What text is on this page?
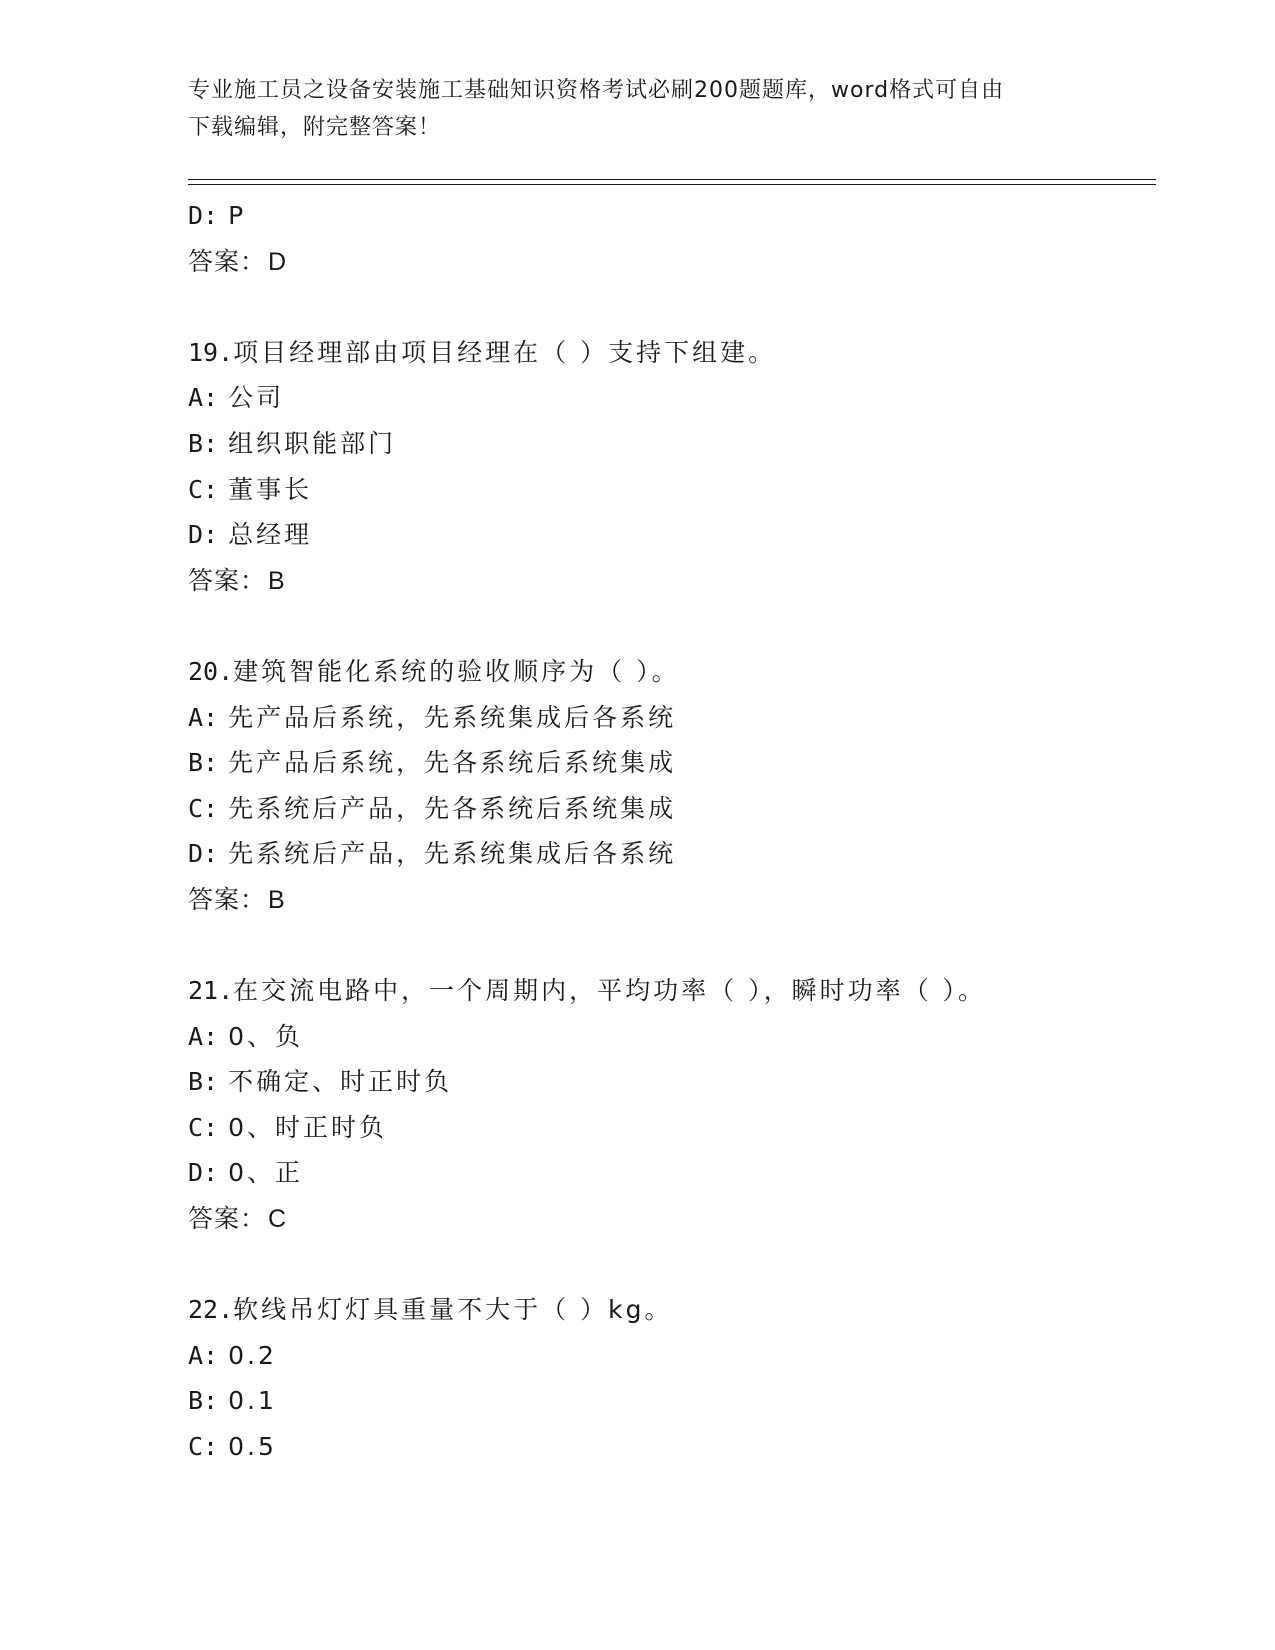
专业施工员之设备安装施工基础知识资格考试必刷200题题库，word格式可自由
下载编辑，附完整答案！
D: P
答案：D
19.项目经理部由项目经理在（ ）支持下组建。
A: 公司
B: 组织职能部门
C: 董事长
D: 总经理
答案：B
20.建筑智能化系统的验收顺序为（ ）。
A: 先产品后系统，先系统集成后各系统
B: 先产品后系统，先各系统后系统集成
C: 先系统后产品，先各系统后系统集成
D: 先系统后产品，先系统集成后各系统
答案：B
21.在交流电路中，一个周期内，平均功率（ ），瞬时功率（ ）。
A: 0、负
B: 不确定、时正时负
C: 0、时正时负
D: 0、正
答案：C
22.软线吊灯灯具重量不大于（ ）kg。
A: 0.2
B: 0.1
C: 0.5
